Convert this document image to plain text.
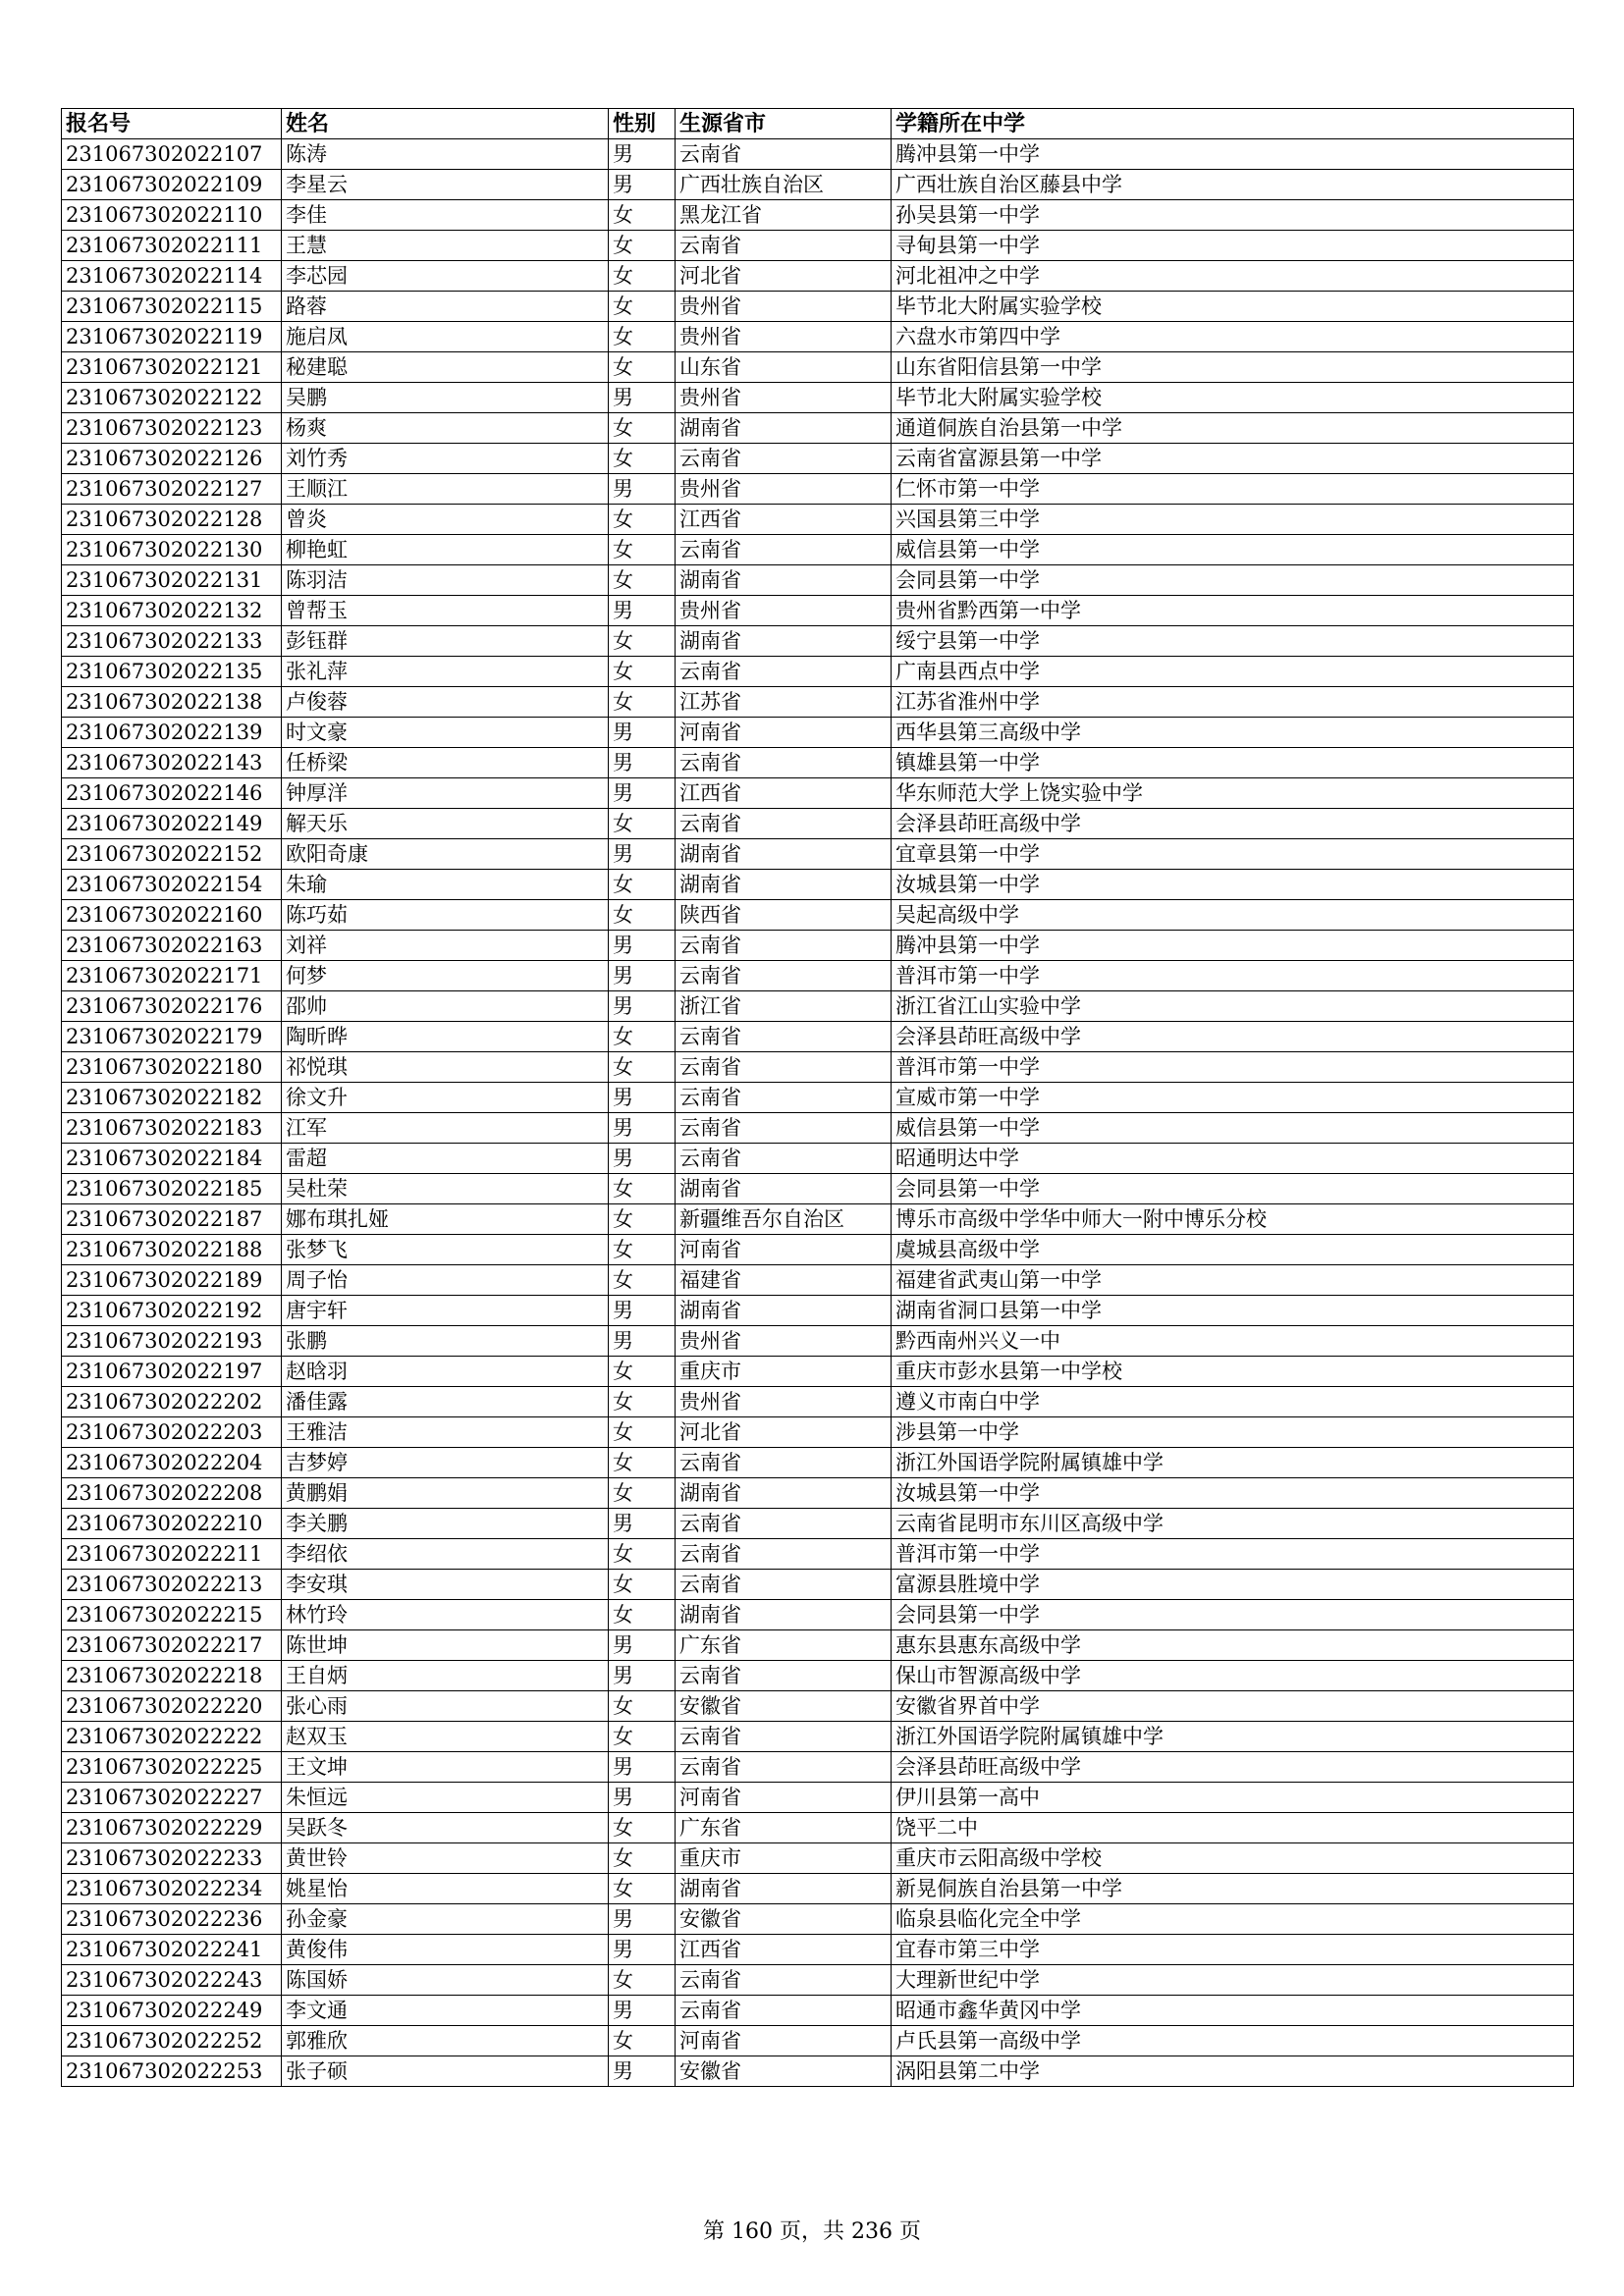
报名号	姓名	性别	生源省市	学籍所在中学
231067302022107	陈涛	男	云南省	腾冲县第一中学
231067302022109	李星云	男	广西壮族自治区	广西壮族自治区藤县中学
231067302022110	李佳	女	黑龙江省	孙吴县第一中学
231067302022111	王慧	女	云南省	寻甸县第一中学
231067302022114	李芯园	女	河北省	河北祖冲之中学
231067302022115	路蓉	女	贵州省	毕节北大附属实验学校
231067302022119	施启凤	女	贵州省	六盘水市第四中学
231067302022121	秘建聪	女	山东省	山东省阳信县第一中学
231067302022122	吴鹏	男	贵州省	毕节北大附属实验学校
231067302022123	杨爽	女	湖南省	通道侗族自治县第一中学
231067302022126	刘竹秀	女	云南省	云南省富源县第一中学
231067302022127	王顺江	男	贵州省	仁怀市第一中学
231067302022128	曾炎	女	江西省	兴国县第三中学
231067302022130	柳艳虹	女	云南省	威信县第一中学
231067302022131	陈羽洁	女	湖南省	会同县第一中学
231067302022132	曾帮玉	男	贵州省	贵州省黔西第一中学
231067302022133	彭钰群	女	湖南省	绥宁县第一中学
231067302022135	张礼萍	女	云南省	广南县西点中学
231067302022138	卢俊蓉	女	江苏省	江苏省淮州中学
231067302022139	时文豪	男	河南省	西华县第三高级中学
231067302022143	任桥梁	男	云南省	镇雄县第一中学
231067302022146	钟厚洋	男	江西省	华东师范大学上饶实验中学
231067302022149	解天乐	女	云南省	会泽县茚旺高级中学
231067302022152	欧阳奇康	男	湖南省	宜章县第一中学
231067302022154	朱瑜	女	湖南省	汝城县第一中学
231067302022160	陈巧茹	女	陕西省	吴起高级中学
231067302022163	刘祥	男	云南省	腾冲县第一中学
231067302022171	何梦	男	云南省	普洱市第一中学
231067302022176	邵帅	男	浙江省	浙江省江山实验中学
231067302022179	陶昕晔	女	云南省	会泽县茚旺高级中学
231067302022180	祁悦琪	女	云南省	普洱市第一中学
231067302022182	徐文升	男	云南省	宣威市第一中学
231067302022183	江军	男	云南省	威信县第一中学
231067302022184	雷超	男	云南省	昭通明达中学
231067302022185	吴杜荣	女	湖南省	会同县第一中学
231067302022187	娜布琪扎娅	女	新疆维吾尔自治区	博乐市高级中学华中师大一附中博乐分校
231067302022188	张梦飞	女	河南省	虞城县高级中学
231067302022189	周子怡	女	福建省	福建省武夷山第一中学
231067302022192	唐宇轩	男	湖南省	湖南省洞口县第一中学
231067302022193	张鹏	男	贵州省	黔西南州兴义一中
231067302022197	赵晗羽	女	重庆市	重庆市彭水县第一中学校
231067302022202	潘佳露	女	贵州省	遵义市南白中学
231067302022203	王雅洁	女	河北省	涉县第一中学
231067302022204	吉梦婷	女	云南省	浙江外国语学院附属镇雄中学
231067302022208	黄鹏娟	女	湖南省	汝城县第一中学
231067302022210	李关鹏	男	云南省	云南省昆明市东川区高级中学
231067302022211	李绍依	女	云南省	普洱市第一中学
231067302022213	李安琪	女	云南省	富源县胜境中学
231067302022215	林竹玲	女	湖南省	会同县第一中学
231067302022217	陈世坤	男	广东省	惠东县惠东高级中学
231067302022218	王自炳	男	云南省	保山市智源高级中学
231067302022220	张心雨	女	安徽省	安徽省界首中学
231067302022222	赵双玉	女	云南省	浙江外国语学院附属镇雄中学
231067302022225	王文坤	男	云南省	会泽县茚旺高级中学
231067302022227	朱恒远	男	河南省	伊川县第一高中
231067302022229	吴跃冬	女	广东省	饶平二中
231067302022233	黄世铃	女	重庆市	重庆市云阳高级中学校
231067302022234	姚星怡	女	湖南省	新晃侗族自治县第一中学
231067302022236	孙金豪	男	安徽省	临泉县临化完全中学
231067302022241	黄俊伟	男	江西省	宜春市第三中学
231067302022243	陈国娇	女	云南省	大理新世纪中学
231067302022249	李文通	男	云南省	昭通市鑫华黄冈中学
231067302022252	郭雅欣	女	河南省	卢氏县第一高级中学
231067302022253	张子硕	男	安徽省	涡阳县第二中学
第 160 页，共 236 页
